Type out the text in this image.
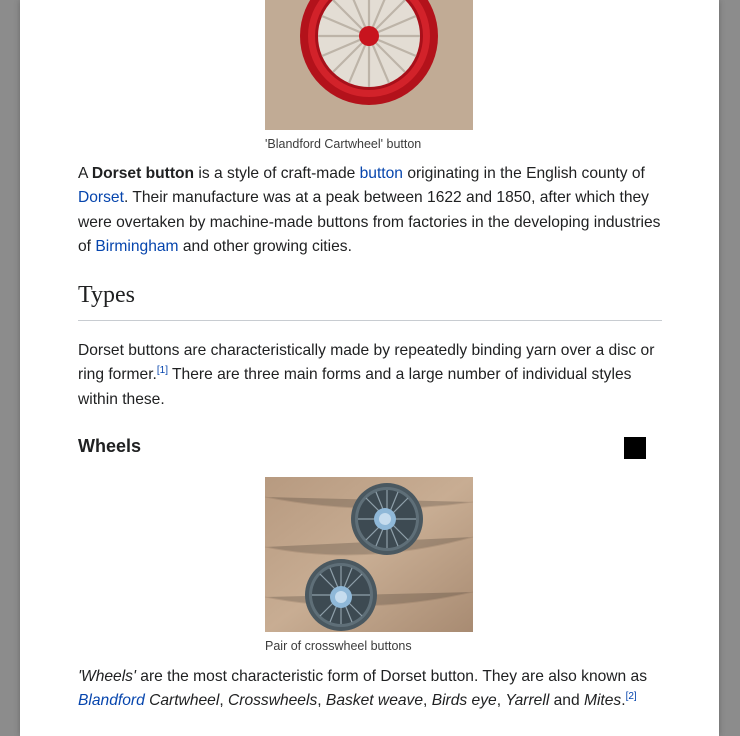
'Blandford Cartwheel' button

A Dorset button is a style of craft-made button originating in the English county of Dorset. Their manufacture was at a peak between 1622 and 1850, after which they were overtaken by machine-made buttons from factories in the developing industries of Birmingham and other growing cities.

Types

Dorset buttons are characteristically made by repeatedly binding yarn over a disc or ring former.[1] There are three main forms and a large number of individual styles within these.

Wheels
Pair of crosswheel buttons

'Wheels' are the most characteristic form of Dorset button. They are also known as Blandford Cartwheel, Crosswheels, Basket weave, Birds eye, Yarrell and Mites.[2]
